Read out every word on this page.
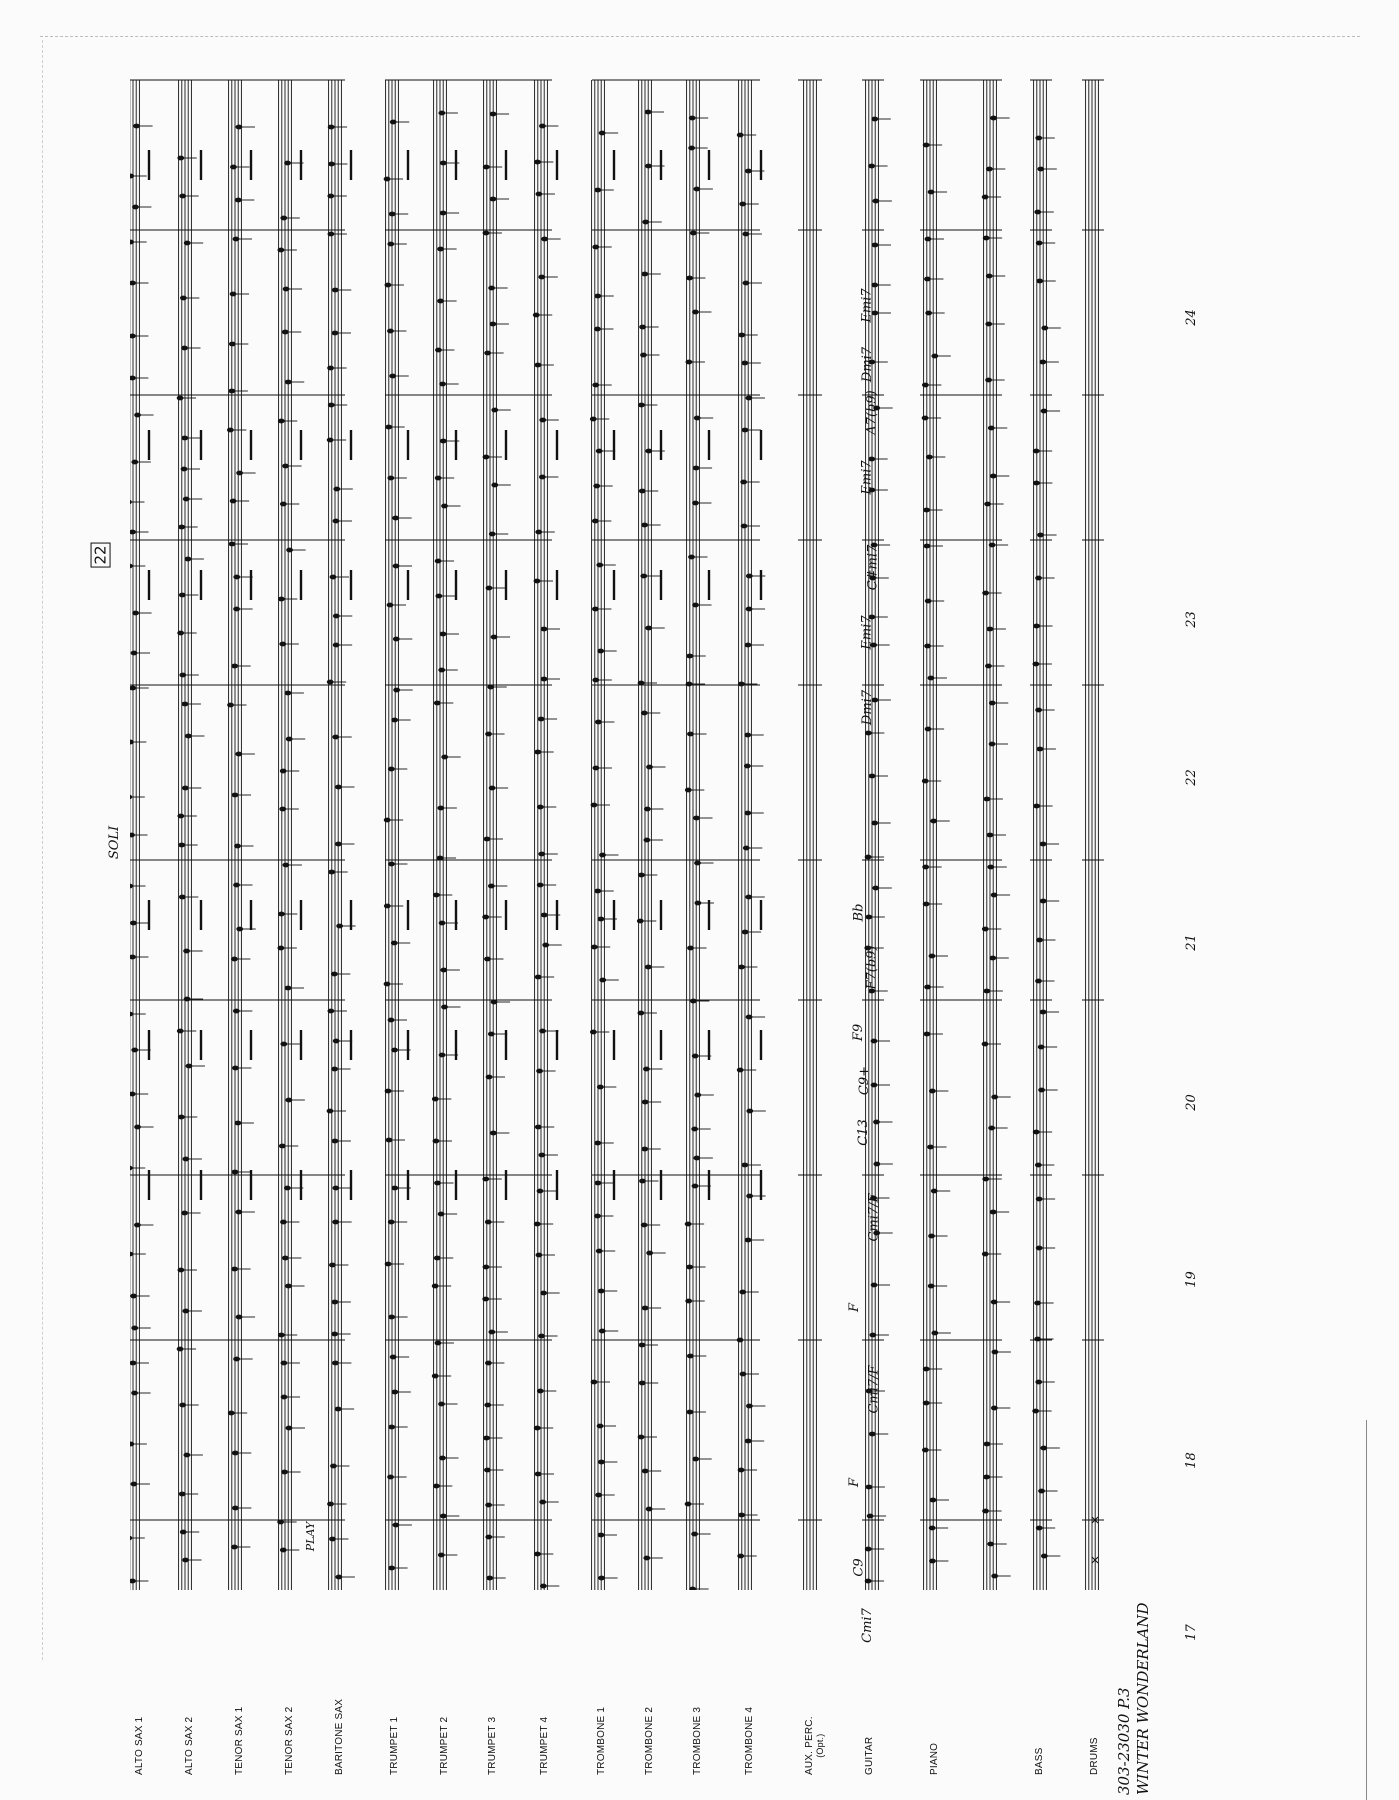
ALTO SAX 1	ALTO SAX 2	TENOR SAX 1	TENOR SAX 2	BARITONE SAX	TRUMPET 1	TRUMPET 2	TRUMPET 3	TRUMPET 4	TROMBONE 1	TROMBONE 2	TROMBONE 3	TROMBONE 4	AUX. PERC. (Opt.)	GUITAR	PIANO	BASS	DRUMS 303-23030 P.3 WINTER WONDERLAND 17
18
19
20
21
22
23
24
Cmi7
C9
F
Cmi7/F
F
Cmi7/F
C13
C9+
F9
F7(b9)
Bb
Dmi7
Emi7
C#mi7
Emi7
A7(b9)
Dmi7
Emi7
22
SOLI
PLAY
